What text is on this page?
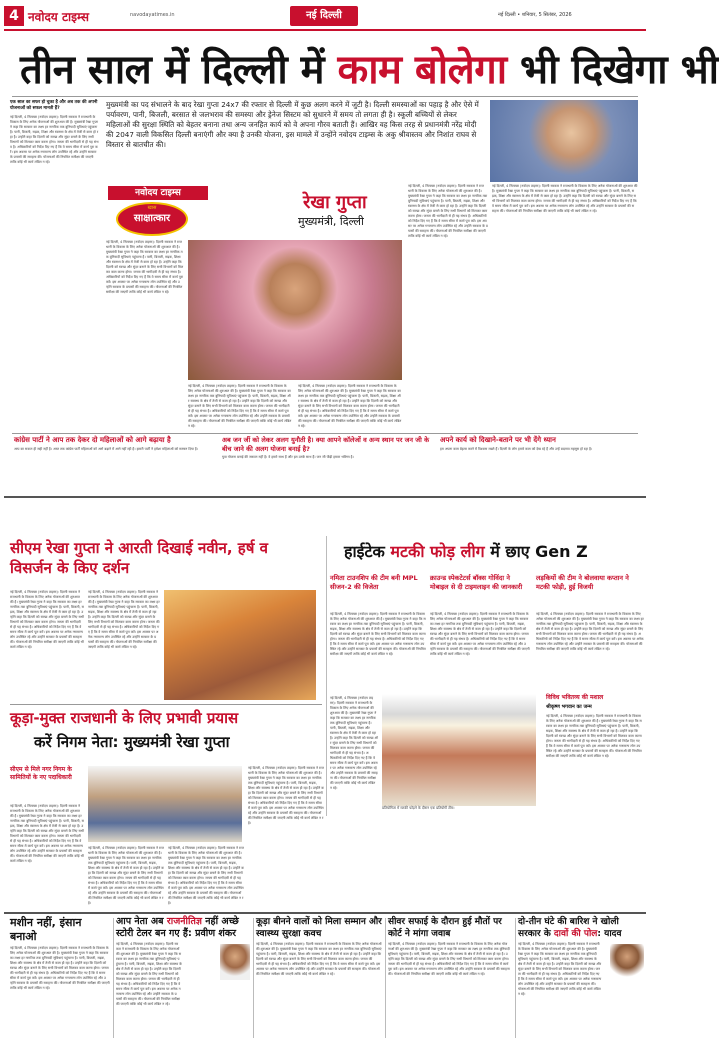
4 नवोदय टाइम्स	navodayatimes.in	नई दिल्ली	नई दिल्ली • शनिवार, 5 सितंबर, 2026
तीन साल में दिल्ली में काम बोलेगा भी दिखेगा भी
एक साल का सफर हो चुका है और अब तक की अपनी योजनाओं को सफल मानती हैं?
नई दिल्ली, 4 सितम्बर (नवोदय टाइम्स): दिल्ली सरकार ने राजधानी के विकास के लिए अनेक योजनाओं की शुरुआत की है। मुख्यमंत्री रेखा गुप्ता ने कहा कि सरकार का लक्ष्य हर नागरिक तक बुनियादी सुविधाएं पहुंचाना है। पानी, बिजली, सड़क, शिक्षा और स्वास्थ्य के क्षेत्र में तेजी से काम हो रहा है। उन्होंने कहा कि दिल्ली को स्वच्छ और सुंदर बनाने के लिए सभी विभागों को मिलकर काम करना होगा। जनता की भागीदारी से ही यह संभव है। अधिकारियों को निर्देश दिए गए हैं कि वे समय सीमा में कार्य पूरा करें। इस अवसर पर अनेक गणमान्य लोग उपस्थित रहे और उन्होंने सरकार के प्रयासों की सराहना की। योजनाओं की नियमित समीक्षा की जाएगी ताकि कोई भी कार्य लंबित न रहे।
मुख्यमंत्री का पद संभालने के बाद रेखा गुप्ता 24x7 की रफ्तार से दिल्ली में कुछ अलग करने में जुटी है। दिल्ली समस्याओं का पहाड़ है और ऐसे में पर्यावरण, पानी, बिजली, बरसात से जलभराव की समस्या और ड्रेनेज सिस्टम को सुधारने में समय तो लगता ही है। स्कूली बच्चियों से लेकर महिलाओं की सुरक्षा स्थिति को बेहतर बनाना तथा अन्य जनहित कार्य को वे अपना गौरव बताती हैं। आखिर वह किस तरह से प्रधानमंत्री नरेंद्र मोदी की 2047 वाली विकसित दिल्ली बनाएंगी और क्या है उनकी योजना, इस मामले में उन्होंने नवोदय टाइम्स के अकु श्रीवास्तव और निशांत राघव से विस्तार से बातचीत की।
नवोदय टाइम्स
खास
साक्षात्कार
रेखा गुप्ता
मुख्यमंत्री, दिल्ली
नई दिल्ली, 4 सितम्बर (नवोदय टाइम्स): दिल्ली सरकार ने राजधानी के विकास के लिए अनेक योजनाओं की शुरुआत की है। मुख्यमंत्री रेखा गुप्ता ने कहा कि सरकार का लक्ष्य हर नागरिक तक बुनियादी सुविधाएं पहुंचाना है। पानी, बिजली, सड़क, शिक्षा और स्वास्थ्य के क्षेत्र में तेजी से काम हो रहा है। उन्होंने कहा कि दिल्ली को स्वच्छ और सुंदर बनाने के लिए सभी विभागों को मिलकर काम करना होगा। जनता की भागीदारी से ही यह संभव है। अधिकारियों को निर्देश दिए गए हैं कि वे समय सीमा में कार्य पूरा करें। इस अवसर पर अनेक गणमान्य लोग उपस्थित रहे और उन्होंने सरकार के प्रयासों की सराहना की। योजनाओं की नियमित समीक्षा की जाएगी ताकि कोई भी कार्य लंबित न रहे।
नई दिल्ली, 4 सितम्बर (नवोदय टाइम्स): दिल्ली सरकार ने राजधानी के विकास के लिए अनेक योजनाओं की शुरुआत की है। मुख्यमंत्री रेखा गुप्ता ने कहा कि सरकार का लक्ष्य हर नागरिक तक बुनियादी सुविधाएं पहुंचाना है। पानी, बिजली, सड़क, शिक्षा और स्वास्थ्य के क्षेत्र में तेजी से काम हो रहा है। उन्होंने कहा कि दिल्ली को स्वच्छ और सुंदर बनाने के लिए सभी विभागों को मिलकर काम करना होगा। जनता की भागीदारी से ही यह संभव है। अधिकारियों को निर्देश दिए गए हैं कि वे समय सीमा में कार्य पूरा करें। इस अवसर पर अनेक गणमान्य लोग उपस्थित रहे और उन्होंने सरकार के प्रयासों की सराहना की। योजनाओं की नियमित समीक्षा की जाएगी ताकि कोई भी कार्य लंबित न रहे।
नई दिल्ली, 4 सितम्बर (नवोदय टाइम्स): दिल्ली सरकार ने राजधानी के विकास के लिए अनेक योजनाओं की शुरुआत की है। मुख्यमंत्री रेखा गुप्ता ने कहा कि सरकार का लक्ष्य हर नागरिक तक बुनियादी सुविधाएं पहुंचाना है। पानी, बिजली, सड़क, शिक्षा और स्वास्थ्य के क्षेत्र में तेजी से काम हो रहा है। उन्होंने कहा कि दिल्ली को स्वच्छ और सुंदर बनाने के लिए सभी विभागों को मिलकर काम करना होगा। जनता की भागीदारी से ही यह संभव है। अधिकारियों को निर्देश दिए गए हैं कि वे समय सीमा में कार्य पूरा करें। इस अवसर पर अनेक गणमान्य लोग उपस्थित रहे और उन्होंने सरकार के प्रयासों की सराहना की। योजनाओं की नियमित समीक्षा की जाएगी ताकि कोई भी कार्य लंबित न रहे।
नई दिल्ली, 4 सितम्बर (नवोदय टाइम्स): दिल्ली सरकार ने राजधानी के विकास के लिए अनेक योजनाओं की शुरुआत की है। मुख्यमंत्री रेखा गुप्ता ने कहा कि सरकार का लक्ष्य हर नागरिक तक बुनियादी सुविधाएं पहुंचाना है। पानी, बिजली, सड़क, शिक्षा और स्वास्थ्य के क्षेत्र में तेजी से काम हो रहा है। उन्होंने कहा कि दिल्ली को स्वच्छ और सुंदर बनाने के लिए सभी विभागों को मिलकर काम करना होगा। जनता की भागीदारी से ही यह संभव है। अधिकारियों को निर्देश दिए गए हैं कि वे समय सीमा में कार्य पूरा करें। इस अवसर पर अनेक गणमान्य लोग उपस्थित रहे और उन्होंने सरकार के प्रयासों की सराहना की। योजनाओं की नियमित समीक्षा की जाएगी ताकि कोई भी कार्य लंबित न रहे।
नई दिल्ली, 4 सितम्बर (नवोदय टाइम्स): दिल्ली सरकार ने राजधानी के विकास के लिए अनेक योजनाओं की शुरुआत की है। मुख्यमंत्री रेखा गुप्ता ने कहा कि सरकार का लक्ष्य हर नागरिक तक बुनियादी सुविधाएं पहुंचाना है। पानी, बिजली, सड़क, शिक्षा और स्वास्थ्य के क्षेत्र में तेजी से काम हो रहा है। उन्होंने कहा कि दिल्ली को स्वच्छ और सुंदर बनाने के लिए सभी विभागों को मिलकर काम करना होगा। जनता की भागीदारी से ही यह संभव है। अधिकारियों को निर्देश दिए गए हैं कि वे समय सीमा में कार्य पूरा करें। इस अवसर पर अनेक गणमान्य लोग उपस्थित रहे और उन्होंने सरकार के प्रयासों की सराहना की। योजनाओं की नियमित समीक्षा की जाएगी ताकि कोई भी कार्य लंबित न रहे।
कांग्रेस पार्टी ने आप तक देकर दो महिलाओं को आगे बढ़ाया है
आप का सवाल ही सही नहीं है। आज तक कांग्रेस पार्टी महिलाओं को आगे बढ़ाने में आगे नहीं रही है। हमारी पार्टी ने हमेशा महिलाओं को सम्मान दिया है।
अब जन जीं को लेकर अलग युनौती है। क्या आपने कॉलेजों व अन्य स्थान पर जन जी के बीच जाने की अलग योजना बनाई है?
युवा योजना बनाई की जरूरत नहीं है। वे हमारे साथ हैं और हम उनके साथ हैं। जन जी पीढ़ी हमारा भविष्य है।
अपने कार्य को दिखाने-बताने पर भी देंगे ध्यान
हम अपना काम बेहतर करने में विश्वास रखते हैं। दिल्ली के लोग हमारे काम को देख रहे हैं और उन्हें बदलाव महसूस हो रहा है।
सीएम रेखा गुप्ता ने आरती दिखाई नवीन, हर्ष व विसर्जन के किए दर्शन
नई दिल्ली, 4 सितम्बर (नवोदय टाइम्स): दिल्ली सरकार ने राजधानी के विकास के लिए अनेक योजनाओं की शुरुआत की है। मुख्यमंत्री रेखा गुप्ता ने कहा कि सरकार का लक्ष्य हर नागरिक तक बुनियादी सुविधाएं पहुंचाना है। पानी, बिजली, सड़क, शिक्षा और स्वास्थ्य के क्षेत्र में तेजी से काम हो रहा है। उन्होंने कहा कि दिल्ली को स्वच्छ और सुंदर बनाने के लिए सभी विभागों को मिलकर काम करना होगा। जनता की भागीदारी से ही यह संभव है। अधिकारियों को निर्देश दिए गए हैं कि वे समय सीमा में कार्य पूरा करें। इस अवसर पर अनेक गणमान्य लोग उपस्थित रहे और उन्होंने सरकार के प्रयासों की सराहना की। योजनाओं की नियमित समीक्षा की जाएगी ताकि कोई भी कार्य लंबित न रहे।
नई दिल्ली, 4 सितम्बर (नवोदय टाइम्स): दिल्ली सरकार ने राजधानी के विकास के लिए अनेक योजनाओं की शुरुआत की है। मुख्यमंत्री रेखा गुप्ता ने कहा कि सरकार का लक्ष्य हर नागरिक तक बुनियादी सुविधाएं पहुंचाना है। पानी, बिजली, सड़क, शिक्षा और स्वास्थ्य के क्षेत्र में तेजी से काम हो रहा है। उन्होंने कहा कि दिल्ली को स्वच्छ और सुंदर बनाने के लिए सभी विभागों को मिलकर काम करना होगा। जनता की भागीदारी से ही यह संभव है। अधिकारियों को निर्देश दिए गए हैं कि वे समय सीमा में कार्य पूरा करें। इस अवसर पर अनेक गणमान्य लोग उपस्थित रहे और उन्होंने सरकार के प्रयासों की सराहना की। योजनाओं की नियमित समीक्षा की जाएगी ताकि कोई भी कार्य लंबित न रहे।
हाईटेक मटकी फोड़ लीग में छाए Gen Z
नमिता टाउनशिप की टीम बनी MPL सीजन-2 की विजेता
क्राउन्ड स्पेकटेटर्स बॉक्स गोविंदा ने मोबाइल से दी टाइमलाइन की जानकारी
लड़कियों की टीम ने बोलवाया कप्तान ने मटकी फोड़ी, हुई विजयी
नई दिल्ली, 4 सितम्बर (नवोदय टाइम्स): दिल्ली सरकार ने राजधानी के विकास के लिए अनेक योजनाओं की शुरुआत की है। मुख्यमंत्री रेखा गुप्ता ने कहा कि सरकार का लक्ष्य हर नागरिक तक बुनियादी सुविधाएं पहुंचाना है। पानी, बिजली, सड़क, शिक्षा और स्वास्थ्य के क्षेत्र में तेजी से काम हो रहा है। उन्होंने कहा कि दिल्ली को स्वच्छ और सुंदर बनाने के लिए सभी विभागों को मिलकर काम करना होगा। जनता की भागीदारी से ही यह संभव है। अधिकारियों को निर्देश दिए गए हैं कि वे समय सीमा में कार्य पूरा करें। इस अवसर पर अनेक गणमान्य लोग उपस्थित रहे और उन्होंने सरकार के प्रयासों की सराहना की। योजनाओं की नियमित समीक्षा की जाएगी ताकि कोई भी कार्य लंबित न रहे।
नई दिल्ली, 4 सितम्बर (नवोदय टाइम्स): दिल्ली सरकार ने राजधानी के विकास के लिए अनेक योजनाओं की शुरुआत की है। मुख्यमंत्री रेखा गुप्ता ने कहा कि सरकार का लक्ष्य हर नागरिक तक बुनियादी सुविधाएं पहुंचाना है। पानी, बिजली, सड़क, शिक्षा और स्वास्थ्य के क्षेत्र में तेजी से काम हो रहा है। उन्होंने कहा कि दिल्ली को स्वच्छ और सुंदर बनाने के लिए सभी विभागों को मिलकर काम करना होगा। जनता की भागीदारी से ही यह संभव है। अधिकारियों को निर्देश दिए गए हैं कि वे समय सीमा में कार्य पूरा करें। इस अवसर पर अनेक गणमान्य लोग उपस्थित रहे और उन्होंने सरकार के प्रयासों की सराहना की। योजनाओं की नियमित समीक्षा की जाएगी ताकि कोई भी कार्य लंबित न रहे।
नई दिल्ली, 4 सितम्बर (नवोदय टाइम्स): दिल्ली सरकार ने राजधानी के विकास के लिए अनेक योजनाओं की शुरुआत की है। मुख्यमंत्री रेखा गुप्ता ने कहा कि सरकार का लक्ष्य हर नागरिक तक बुनियादी सुविधाएं पहुंचाना है। पानी, बिजली, सड़क, शिक्षा और स्वास्थ्य के क्षेत्र में तेजी से काम हो रहा है। उन्होंने कहा कि दिल्ली को स्वच्छ और सुंदर बनाने के लिए सभी विभागों को मिलकर काम करना होगा। जनता की भागीदारी से ही यह संभव है। अधिकारियों को निर्देश दिए गए हैं कि वे समय सीमा में कार्य पूरा करें। इस अवसर पर अनेक गणमान्य लोग उपस्थित रहे और उन्होंने सरकार के प्रयासों की सराहना की। योजनाओं की नियमित समीक्षा की जाएगी ताकि कोई भी कार्य लंबित न रहे।
प्रतियोगिता में मटकी फोड़ने के दौरान एक प्रतियोगी टीम।
नई दिल्ली, 4 सितम्बर (नवोदय टाइम्स): दिल्ली सरकार ने राजधानी के विकास के लिए अनेक योजनाओं की शुरुआत की है। मुख्यमंत्री रेखा गुप्ता ने कहा कि सरकार का लक्ष्य हर नागरिक तक बुनियादी सुविधाएं पहुंचाना है। पानी, बिजली, सड़क, शिक्षा और स्वास्थ्य के क्षेत्र में तेजी से काम हो रहा है। उन्होंने कहा कि दिल्ली को स्वच्छ और सुंदर बनाने के लिए सभी विभागों को मिलकर काम करना होगा। जनता की भागीदारी से ही यह संभव है। अधिकारियों को निर्देश दिए गए हैं कि वे समय सीमा में कार्य पूरा करें। इस अवसर पर अनेक गणमान्य लोग उपस्थित रहे और उन्होंने सरकार के प्रयासों की सराहना की। योजनाओं की नियमित समीक्षा की जाएगी ताकि कोई भी कार्य लंबित न रहे।
विविध भवितव्य की मशाल
श्रीकृष्ण भगवान का जन्म
नई दिल्ली, 4 सितम्बर (नवोदय टाइम्स): दिल्ली सरकार ने राजधानी के विकास के लिए अनेक योजनाओं की शुरुआत की है। मुख्यमंत्री रेखा गुप्ता ने कहा कि सरकार का लक्ष्य हर नागरिक तक बुनियादी सुविधाएं पहुंचाना है। पानी, बिजली, सड़क, शिक्षा और स्वास्थ्य के क्षेत्र में तेजी से काम हो रहा है। उन्होंने कहा कि दिल्ली को स्वच्छ और सुंदर बनाने के लिए सभी विभागों को मिलकर काम करना होगा। जनता की भागीदारी से ही यह संभव है। अधिकारियों को निर्देश दिए गए हैं कि वे समय सीमा में कार्य पूरा करें। इस अवसर पर अनेक गणमान्य लोग उपस्थित रहे और उन्होंने सरकार के प्रयासों की सराहना की। योजनाओं की नियमित समीक्षा की जाएगी ताकि कोई भी कार्य लंबित न रहे।
कूड़ा-मुक्त राजधानी के लिए प्रभावी प्रयास
करें निगम नेता: मुख्यमंत्री रेखा गुप्ता
सीएम से मिले नगर निगम के सामितियों के नए पदाधिकारी
नई दिल्ली, 4 सितम्बर (नवोदय टाइम्स): दिल्ली सरकार ने राजधानी के विकास के लिए अनेक योजनाओं की शुरुआत की है। मुख्यमंत्री रेखा गुप्ता ने कहा कि सरकार का लक्ष्य हर नागरिक तक बुनियादी सुविधाएं पहुंचाना है। पानी, बिजली, सड़क, शिक्षा और स्वास्थ्य के क्षेत्र में तेजी से काम हो रहा है। उन्होंने कहा कि दिल्ली को स्वच्छ और सुंदर बनाने के लिए सभी विभागों को मिलकर काम करना होगा। जनता की भागीदारी से ही यह संभव है। अधिकारियों को निर्देश दिए गए हैं कि वे समय सीमा में कार्य पूरा करें। इस अवसर पर अनेक गणमान्य लोग उपस्थित रहे और उन्होंने सरकार के प्रयासों की सराहना की। योजनाओं की नियमित समीक्षा की जाएगी ताकि कोई भी कार्य लंबित न रहे।
नई दिल्ली, 4 सितम्बर (नवोदय टाइम्स): दिल्ली सरकार ने राजधानी के विकास के लिए अनेक योजनाओं की शुरुआत की है। मुख्यमंत्री रेखा गुप्ता ने कहा कि सरकार का लक्ष्य हर नागरिक तक बुनियादी सुविधाएं पहुंचाना है। पानी, बिजली, सड़क, शिक्षा और स्वास्थ्य के क्षेत्र में तेजी से काम हो रहा है। उन्होंने कहा कि दिल्ली को स्वच्छ और सुंदर बनाने के लिए सभी विभागों को मिलकर काम करना होगा। जनता की भागीदारी से ही यह संभव है। अधिकारियों को निर्देश दिए गए हैं कि वे समय सीमा में कार्य पूरा करें। इस अवसर पर अनेक गणमान्य लोग उपस्थित रहे और उन्होंने सरकार के प्रयासों की सराहना की। योजनाओं की नियमित समीक्षा की जाएगी ताकि कोई भी कार्य लंबित न रहे।
नई दिल्ली, 4 सितम्बर (नवोदय टाइम्स): दिल्ली सरकार ने राजधानी के विकास के लिए अनेक योजनाओं की शुरुआत की है। मुख्यमंत्री रेखा गुप्ता ने कहा कि सरकार का लक्ष्य हर नागरिक तक बुनियादी सुविधाएं पहुंचाना है। पानी, बिजली, सड़क, शिक्षा और स्वास्थ्य के क्षेत्र में तेजी से काम हो रहा है। उन्होंने कहा कि दिल्ली को स्वच्छ और सुंदर बनाने के लिए सभी विभागों को मिलकर काम करना होगा। जनता की भागीदारी से ही यह संभव है। अधिकारियों को निर्देश दिए गए हैं कि वे समय सीमा में कार्य पूरा करें। इस अवसर पर अनेक गणमान्य लोग उपस्थित रहे और उन्होंने सरकार के प्रयासों की सराहना की। योजनाओं की नियमित समीक्षा की जाएगी ताकि कोई भी कार्य लंबित न रहे।
नई दिल्ली, 4 सितम्बर (नवोदय टाइम्स): दिल्ली सरकार ने राजधानी के विकास के लिए अनेक योजनाओं की शुरुआत की है। मुख्यमंत्री रेखा गुप्ता ने कहा कि सरकार का लक्ष्य हर नागरिक तक बुनियादी सुविधाएं पहुंचाना है। पानी, बिजली, सड़क, शिक्षा और स्वास्थ्य के क्षेत्र में तेजी से काम हो रहा है। उन्होंने कहा कि दिल्ली को स्वच्छ और सुंदर बनाने के लिए सभी विभागों को मिलकर काम करना होगा। जनता की भागीदारी से ही यह संभव है। अधिकारियों को निर्देश दिए गए हैं कि वे समय सीमा में कार्य पूरा करें। इस अवसर पर अनेक गणमान्य लोग उपस्थित रहे और उन्होंने सरकार के प्रयासों की सराहना की। योजनाओं की नियमित समीक्षा की जाएगी ताकि कोई भी कार्य लंबित न रहे।
मशीन नहीं, इंसान बनाओ
नई दिल्ली, 4 सितम्बर (नवोदय टाइम्स): दिल्ली सरकार ने राजधानी के विकास के लिए अनेक योजनाओं की शुरुआत की है। मुख्यमंत्री रेखा गुप्ता ने कहा कि सरकार का लक्ष्य हर नागरिक तक बुनियादी सुविधाएं पहुंचाना है। पानी, बिजली, सड़क, शिक्षा और स्वास्थ्य के क्षेत्र में तेजी से काम हो रहा है। उन्होंने कहा कि दिल्ली को स्वच्छ और सुंदर बनाने के लिए सभी विभागों को मिलकर काम करना होगा। जनता की भागीदारी से ही यह संभव है। अधिकारियों को निर्देश दिए गए हैं कि वे समय सीमा में कार्य पूरा करें। इस अवसर पर अनेक गणमान्य लोग उपस्थित रहे और उन्होंने सरकार के प्रयासों की सराहना की। योजनाओं की नियमित समीक्षा की जाएगी ताकि कोई भी कार्य लंबित न रहे।
आप नेता अब राजनीतिज्ञ नहीं अच्छे स्टोरी टेलर बन गए हैं: प्रवीण शंकर
नई दिल्ली, 4 सितम्बर (नवोदय टाइम्स): दिल्ली सरकार ने राजधानी के विकास के लिए अनेक योजनाओं की शुरुआत की है। मुख्यमंत्री रेखा गुप्ता ने कहा कि सरकार का लक्ष्य हर नागरिक तक बुनियादी सुविधाएं पहुंचाना है। पानी, बिजली, सड़क, शिक्षा और स्वास्थ्य के क्षेत्र में तेजी से काम हो रहा है। उन्होंने कहा कि दिल्ली को स्वच्छ और सुंदर बनाने के लिए सभी विभागों को मिलकर काम करना होगा। जनता की भागीदारी से ही यह संभव है। अधिकारियों को निर्देश दिए गए हैं कि वे समय सीमा में कार्य पूरा करें। इस अवसर पर अनेक गणमान्य लोग उपस्थित रहे और उन्होंने सरकार के प्रयासों की सराहना की। योजनाओं की नियमित समीक्षा की जाएगी ताकि कोई भी कार्य लंबित न रहे।
कूड़ा बीनने वालों को मिला सम्मान और स्वास्थ्य सुरक्षा कवच
नई दिल्ली, 4 सितम्बर (नवोदय टाइम्स): दिल्ली सरकार ने राजधानी के विकास के लिए अनेक योजनाओं की शुरुआत की है। मुख्यमंत्री रेखा गुप्ता ने कहा कि सरकार का लक्ष्य हर नागरिक तक बुनियादी सुविधाएं पहुंचाना है। पानी, बिजली, सड़क, शिक्षा और स्वास्थ्य के क्षेत्र में तेजी से काम हो रहा है। उन्होंने कहा कि दिल्ली को स्वच्छ और सुंदर बनाने के लिए सभी विभागों को मिलकर काम करना होगा। जनता की भागीदारी से ही यह संभव है। अधिकारियों को निर्देश दिए गए हैं कि वे समय सीमा में कार्य पूरा करें। इस अवसर पर अनेक गणमान्य लोग उपस्थित रहे और उन्होंने सरकार के प्रयासों की सराहना की। योजनाओं की नियमित समीक्षा की जाएगी ताकि कोई भी कार्य लंबित न रहे।
सीवर सफाई के दौरान हुई मौतों पर कोर्ट ने मांगा जवाब
नई दिल्ली, 4 सितम्बर (नवोदय टाइम्स): दिल्ली सरकार ने राजधानी के विकास के लिए अनेक योजनाओं की शुरुआत की है। मुख्यमंत्री रेखा गुप्ता ने कहा कि सरकार का लक्ष्य हर नागरिक तक बुनियादी सुविधाएं पहुंचाना है। पानी, बिजली, सड़क, शिक्षा और स्वास्थ्य के क्षेत्र में तेजी से काम हो रहा है। उन्होंने कहा कि दिल्ली को स्वच्छ और सुंदर बनाने के लिए सभी विभागों को मिलकर काम करना होगा। जनता की भागीदारी से ही यह संभव है। अधिकारियों को निर्देश दिए गए हैं कि वे समय सीमा में कार्य पूरा करें। इस अवसर पर अनेक गणमान्य लोग उपस्थित रहे और उन्होंने सरकार के प्रयासों की सराहना की। योजनाओं की नियमित समीक्षा की जाएगी ताकि कोई भी कार्य लंबित न रहे।
दो-तीन घंटे की बारिश ने खोली सरकार के दावों की पोल: यादव
नई दिल्ली, 4 सितम्बर (नवोदय टाइम्स): दिल्ली सरकार ने राजधानी के विकास के लिए अनेक योजनाओं की शुरुआत की है। मुख्यमंत्री रेखा गुप्ता ने कहा कि सरकार का लक्ष्य हर नागरिक तक बुनियादी सुविधाएं पहुंचाना है। पानी, बिजली, सड़क, शिक्षा और स्वास्थ्य के क्षेत्र में तेजी से काम हो रहा है। उन्होंने कहा कि दिल्ली को स्वच्छ और सुंदर बनाने के लिए सभी विभागों को मिलकर काम करना होगा। जनता की भागीदारी से ही यह संभव है। अधिकारियों को निर्देश दिए गए हैं कि वे समय सीमा में कार्य पूरा करें। इस अवसर पर अनेक गणमान्य लोग उपस्थित रहे और उन्होंने सरकार के प्रयासों की सराहना की। योजनाओं की नियमित समीक्षा की जाएगी ताकि कोई भी कार्य लंबित न रहे।
